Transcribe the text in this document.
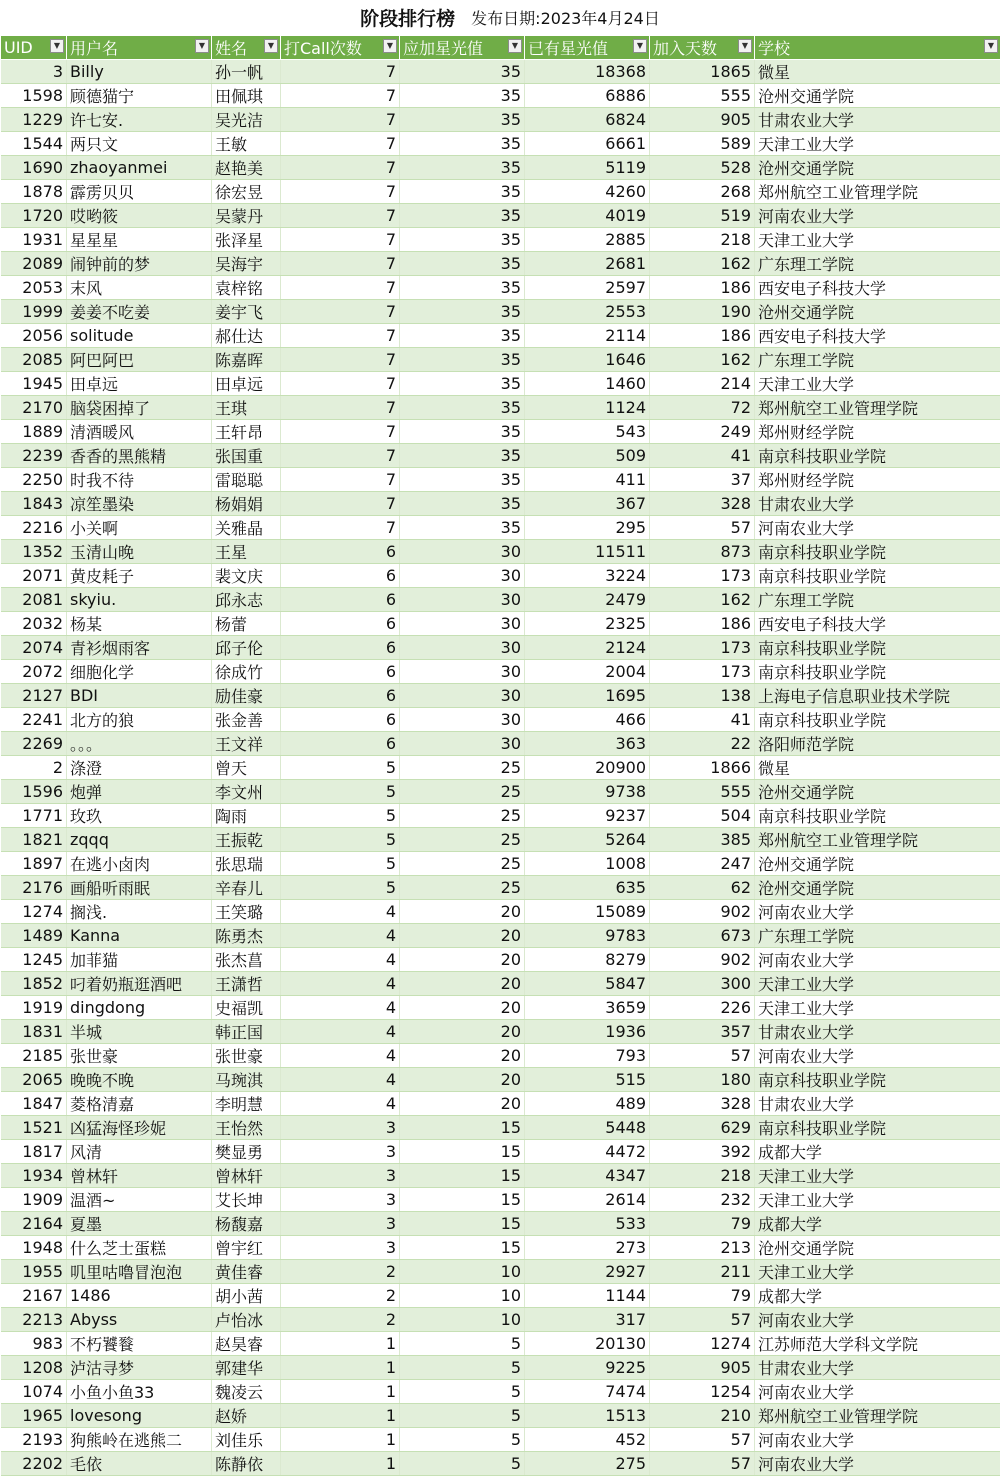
阶段排行榜 发布日期: 2023年4月24日
UID ▼	用户名 ▼	姓名 ▼	打Call次数 ▼	应加星光值 ▼	已有星光值 ▼	加入天数 ▼	学校 ▼

3	Billy	孙一帆	7	35	18368	1865	微星
1598	顾德猫宁	田佩琪	7	35	6886	555	沧州交通学院
1229	许七安.	吴光洁	7	35	6824	905	甘肃农业大学
1544	两只文	王敏	7	35	6661	589	天津工业大学
1690	zhaoyanmei	赵艳美	7	35	5119	528	沧州交通学院
1878	霹雳贝贝	徐宏昱	7	35	4260	268	郑州航空工业管理学院
1720	哎哟筱	吴蒙丹	7	35	4019	519	河南农业大学
1931	星星星	张泽星	7	35	2885	218	天津工业大学
2089	闹钟前的梦	吴海宇	7	35	2681	162	广东理工学院
2053	末风	袁梓铭	7	35	2597	186	西安电子科技大学
1999	姜姜不吃姜	姜宇飞	7	35	2553	190	沧州交通学院
2056	solitude	郝仕达	7	35	2114	186	西安电子科技大学
2085	阿巴阿巴	陈嘉晖	7	35	1646	162	广东理工学院
1945	田卓远	田卓远	7	35	1460	214	天津工业大学
2170	脑袋困掉了	王琪	7	35	1124	72	郑州航空工业管理学院
1889	清酒暖风	王轩昂	7	35	543	249	郑州财经学院
2239	香香的黑熊精	张国重	7	35	509	41	南京科技职业学院
2250	时我不待	雷聪聪	7	35	411	37	郑州财经学院
1843	凉笙墨染	杨娟娟	7	35	367	328	甘肃农业大学
2216	小关啊	关雅晶	7	35	295	57	河南农业大学
1352	玉清山晚	王星	6	30	11511	873	南京科技职业学院
2071	黄皮耗子	裴文庆	6	30	3224	173	南京科技职业学院
2081	skyiu.	邱永志	6	30	2479	162	广东理工学院
2032	杨某	杨蕾	6	30	2325	186	西安电子科技大学
2074	青衫烟雨客	邱子伦	6	30	2124	173	南京科技职业学院
2072	细胞化学	徐成竹	6	30	2004	173	南京科技职业学院
2127	BDI	励佳豪	6	30	1695	138	上海电子信息职业技术学院
2241	北方的狼	张金善	6	30	466	41	南京科技职业学院
2269	。。。	王文祥	6	30	363	22	洛阳师范学院
2	涤澄	曾天	5	25	20900	1866	微星
1596	炮弹	李文州	5	25	9738	555	沧州交通学院
1771	玫玖	陶雨	5	25	9237	504	南京科技职业学院
1821	zqqq	王振乾	5	25	5264	385	郑州航空工业管理学院
1897	在逃小卤肉	张思瑞	5	25	1008	247	沧州交通学院
2176	画船听雨眠	辛春儿	5	25	635	62	沧州交通学院
1274	搁浅.	王笑璐	4	20	15089	902	河南农业大学
1489	Kanna	陈勇杰	4	20	9783	673	广东理工学院
1245	加菲猫	张杰菖	4	20	8279	902	河南农业大学
1852	叼着奶瓶逛酒吧	王潇哲	4	20	5847	300	天津工业大学
1919	dingdong	史福凯	4	20	3659	226	天津工业大学
1831	半城	韩正国	4	20	1936	357	甘肃农业大学
2185	张世豪	张世豪	4	20	793	57	河南农业大学
2065	晚晚不晚	马琬淇	4	20	515	180	南京科技职业学院
1847	菱格清嘉	李明慧	4	20	489	328	甘肃农业大学
1521	凶猛海怪珍妮	王怡然	3	15	5448	629	南京科技职业学院
1817	风清	樊显勇	3	15	4472	392	成都大学
1934	曾林轩	曾林轩	3	15	4347	218	天津工业大学
1909	温酒~	艾长坤	3	15	2614	232	天津工业大学
2164	夏墨	杨馥嘉	3	15	533	79	成都大学
1948	什么芝士蛋糕	曾宇红	3	15	273	213	沧州交通学院
1955	叽里咕噜冒泡泡	黄佳睿	2	10	2927	211	天津工业大学
2167	1486	胡小茜	2	10	1144	79	成都大学
2213	Abyss	卢怡冰	2	10	317	57	河南农业大学
983	不朽饕餮	赵昊睿	1	5	20130	1274	江苏师范大学科文学院
1208	泸沽寻梦	郭建华	1	5	9225	905	甘肃农业大学
1074	小鱼小鱼33	魏凌云	1	5	7474	1254	河南农业大学
1965	lovesong	赵娇	1	5	1513	210	郑州航空工业管理学院
2193	狗熊岭在逃熊二	刘佳乐	1	5	452	57	河南农业大学
2202	毛依	陈静依	1	5	275	57	河南农业大学
